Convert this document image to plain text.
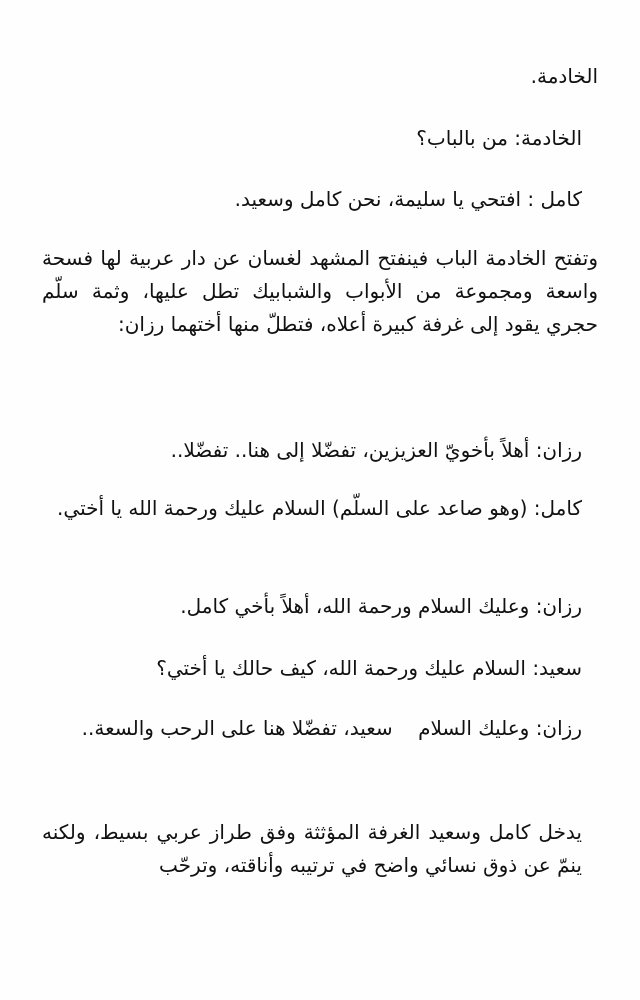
الخادمة.

الخادمة: من بالباب؟

كامل : افتحي يا سليمة، نحن كامل وسعيد.

وتفتح الخادمة الباب فينفتح المشهد لغسان عن دار عربية لها فسحة واسعة ومجموعة من الأبواب والشبابيك تطل عليها، وثمة سلّم حجري يقود إلى غرفة كبيرة أعلاه، فتطلّ منها أختهما رزان:

رزان: أهلاً بأخويّ العزيزين، تفضّلا إلى هنا.. تفضّلا..

كامل: (وهو صاعد على السلّم) السلام عليك ورحمة الله يا أختي.

رزان: وعليك السلام ورحمة الله، أهلاً بأخي كامل.

سعيد: السلام عليك ورحمة الله، كيف حالك يا أختي؟

رزان: وعليك السلام    سعيد، تفضّلا هنا على الرحب والسعة..

يدخل كامل وسعيد الغرفة المؤثثة وفق طراز عربي بسيط، ولكنه ينمّ عن ذوق نسائي واضح في ترتيبه وأناقته، وترحّب
